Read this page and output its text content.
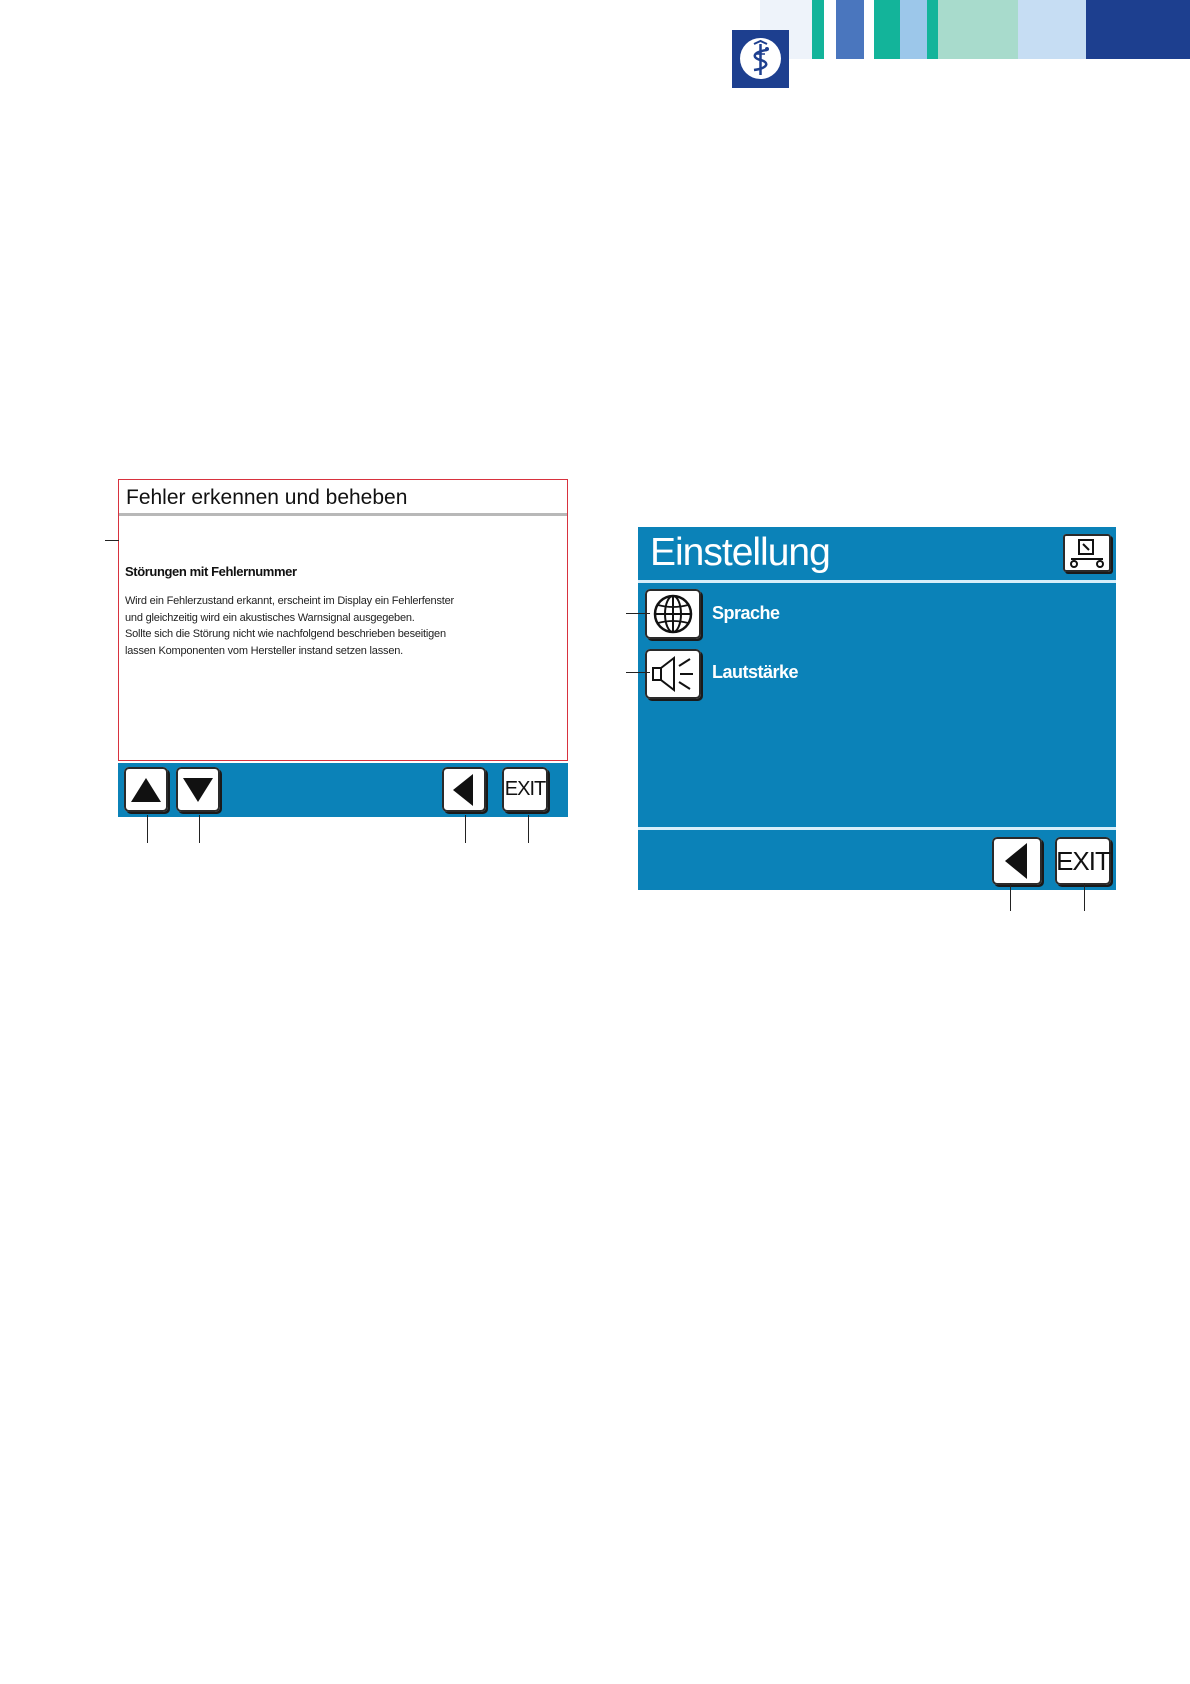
Fehler erkennen und beheben
Störungen mit Fehlernummer
Wird ein Fehlerzustand erkannt, erscheint im Display ein Fehlerfenster
und gleichzeitig wird ein akustisches Warnsignal ausgegeben.
Sollte sich die Störung nicht wie nachfolgend beschrieben beseitigen
lassen Komponenten vom Hersteller instand setzen lassen.
EXIT
Einstellung
Sprache
Lautstärke
EXIT
